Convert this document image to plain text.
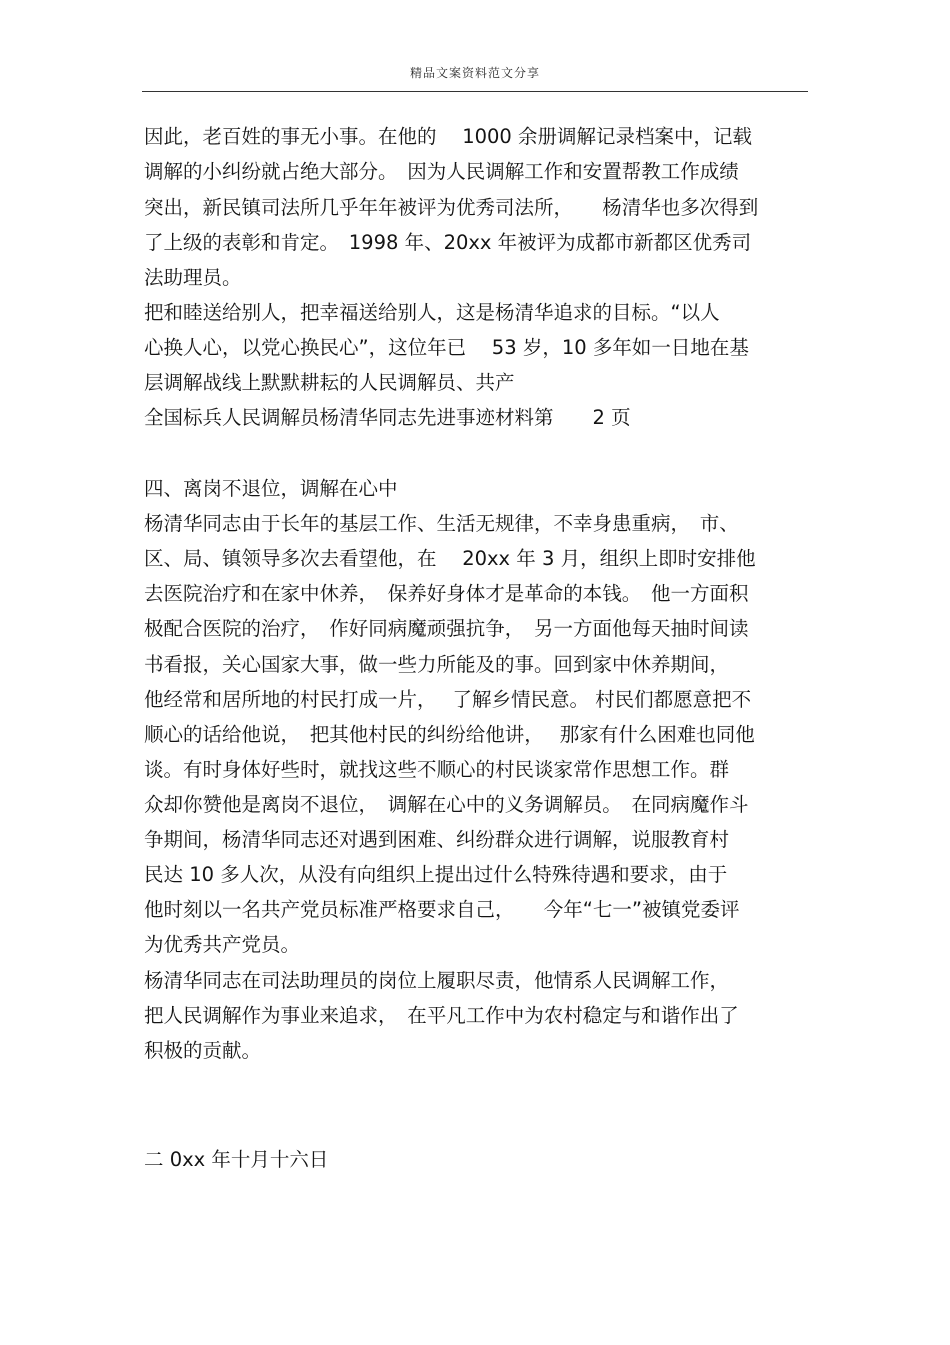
精品文案资料范文分享
因此，老百姓的事无小事。在他的　 1000 余册调解记录档案中，记载
调解的小纠纷就占绝大部分。　因为人民调解工作和安置帮教工作成绩
突出，新民镇司法所几乎年年被评为优秀司法所，　　杨清华也多次得到
了上级的表彰和肯定。　1998 年、20xx 年被评为成都市新都区优秀司
法助理员。
把和睦送给别人，把幸福送给别人，这是杨清华追求的目标。“以人
心换人心，以党心换民心”，这位年已　 53 岁，10 多年如一日地在基
层调解战线上默默耕耘的人民调解员、共产
全国标兵人民调解员杨清华同志先进事迹材料第　　2 页
四、离岗不退位，调解在心中
杨清华同志由于长年的基层工作、生活无规律，不幸身患重病，　市、
区、局、镇领导多次去看望他，在　 20xx 年 3 月，组织上即时安排他
去医院治疗和在家中休养，　保养好身体才是革命的本钱。　他一方面积
极配合医院的治疗，　作好同病魔顽强抗争，　另一方面他每天抽时间读
书看报，关心国家大事，做一些力所能及的事。回到家中休养期间，
他经常和居所地的村民打成一片，　 了解乡情民意。 村民们都愿意把不
顺心的话给他说，　把其他村民的纠纷给他讲，　 那家有什么困难也同他
谈。有时身体好些时，就找这些不顺心的村民谈家常作思想工作。群
众却你赞他是离岗不退位，　调解在心中的义务调解员。　在同病魔作斗
争期间，杨清华同志还对遇到困难、纠纷群众进行调解，说服教育村
民达 10 多人次，从没有向组织上提出过什么特殊待遇和要求，由于
他时刻以一名共产党员标准严格要求自己，　　今年“七一”被镇党委评
为优秀共产党员。
杨清华同志在司法助理员的岗位上履职尽责，他情系人民调解工作，
把人民调解作为事业来追求，　在平凡工作中为农村稳定与和谐作出了
积极的贡献。
二 0xx 年十月十六日
